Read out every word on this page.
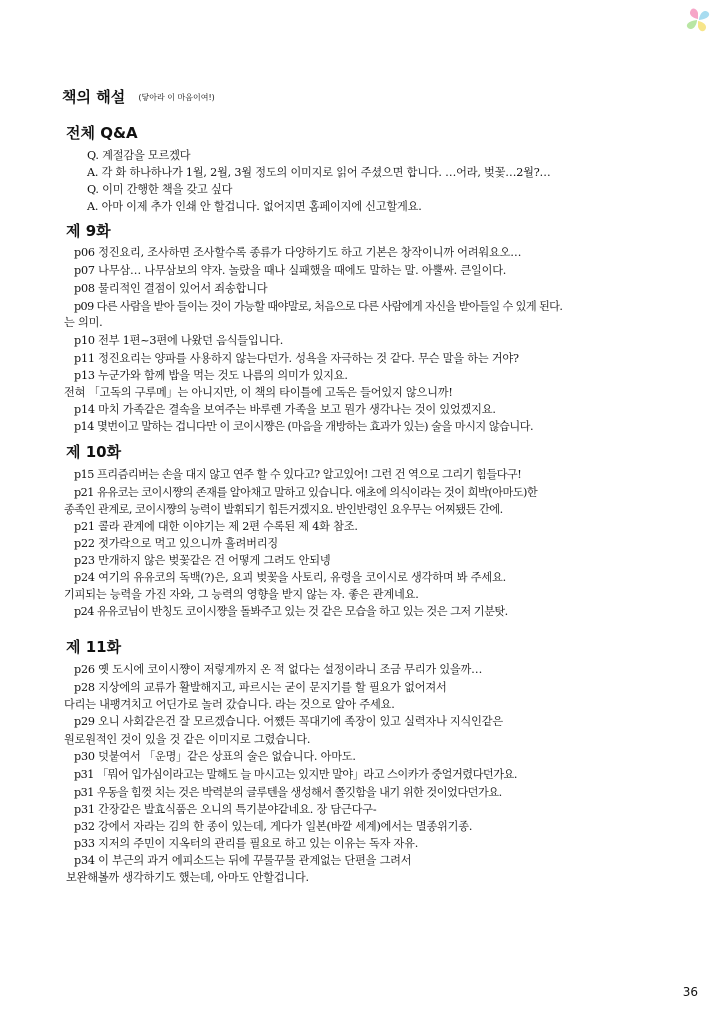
책의 해설 $^{(닿아라 이 마음이여!)}$
전체 Q&A
Q. 계절감을 모르겠다
A. 각 화 하나하나가 1월, 2월, 3월 정도의 이미지로 읽어 주셨으면 합니다. …어라, 벚꽃…2월?…
Q. 이미 간행한 책을 갖고 싶다
A. 아마 이제 추가 인쇄 안 할겁니다. 없어지면 홈페이지에 신고할게요.
제 9화
p06 정진요리, 조사하면 조사할수록 종류가 다양하기도 하고 기본은 창작이니까 어려워요오…
p07 나무삼… 나무삼보의 약자. 놀랐을 때나 실패했을 때에도 말하는 말. 아뿔싸. 큰일이다.
p08 물리적인 결점이 있어서 죄송합니다
p09 다른 사람을 받아 들이는 것이 가능할 때야말로, 처음으로 다른 사람에게 자신을 받아들일 수 있게 된다.
는 의미.
p10 전부 1편~3편에 나왔던 음식들입니다.
p11 정진요리는 양파를 사용하지 않는다던가. 성욕을 자극하는 것 같다. 무슨 말을 하는 거야?
p13 누군가와 함께 밥을 먹는 것도 나름의 의미가 있지요.
전혀 「고독의 구루메」는 아니지만, 이 책의 타이틀에 고독은 들어있지 않으니까!
p14 마치 가족같은 결속을 보여주는 바루렌 가족을 보고 뭔가 생각나는 것이 있었겠지요.
p14 몇번이고 말하는 겁니다만 이 코이시쨩은 (마음을 개방하는 효과가 있는) 술을 마시지 않습니다.
제 10화
p15 프리즘리버는 손을 대지 않고 연주 할 수 있다고? 알고있어! 그런 건 역으로 그리기 힘들다구!
p21 유유코는 코이시쨩의 존재를 알아채고 말하고 있습니다. 애초에 의식이라는 것이 희박(아마도)한
종족인 관계로, 코이시쨩의 능력이 발휘되기 힘든거겠지요. 반인반령인 요우무는 어찌됐든 간에.
p21 콜라 관계에 대한 이야기는 제 2편 수록된 제 4화 참조.
p22 젓가락으로 먹고 있으니까 흘려버리징
p23 만개하지 않은 벚꽃같은 건 어떻게 그려도 안되넹
p24 여기의 유유코의 독백(?)은, 요괴 벚꽃을 사토리, 유령을 코이시로 생각하며 봐 주세요.
기피되는 능력을 가진 자와, 그 능력의 영향을 받지 않는 자. 좋은 관계네요.
p24 유유코님이 반칭도 코이시쨩을 돌봐주고 있는 것 같은 모습을 하고 있는 것은 그저 기분탓.
제 11화
p26 옛 도시에 코이시쨩이 저렇게까지 온 적 없다는 설정이라니 조금 무리가 있을까…
p28 지상에의 교류가 활발해지고, 파르시는 굳이 문지기를 할 필요가 없어져서
다리는 내팽겨치고 어딘가로 놀러 갔습니다. 라는 것으로 알아 주세요.
p29 오니 사회같은건 잘 모르겠습니다. 어쨌든 꼭대기에 족장이 있고 실력자나 지식인같은
원로원적인 것이 있을 것 같은 이미지로 그렸습니다.
p30 덧붙여서 「운명」같은 상표의 술은 없습니다. 아마도.
p31 「뭐어 입가심이라고는 말해도 늘 마시고는 있지만 말야」라고 스이카가 중얼거렸다던가요.
p31 우동을 힘껏 치는 것은 박력분의 글루텐을 생성해서 쫄깃함을 내기 위한 것이었다던가요.
p31 간장같은 발효식품은 오니의 특기분야같네요. 장 담근다구-
p32 강에서 자라는 김의 한 종이 있는데, 게다가 일본(바깥 세계)에서는 멸종위기종.
p33 지저의 주민이 지옥터의 관리를 필요로 하고 있는 이유는 독자 자유.
p34 이 부근의 과거 에피소드는 뒤에 꾸물꾸물 관계없는 단편을 그려서
보완해볼까 생각하기도 했는데, 아마도 안할겁니다.
36
